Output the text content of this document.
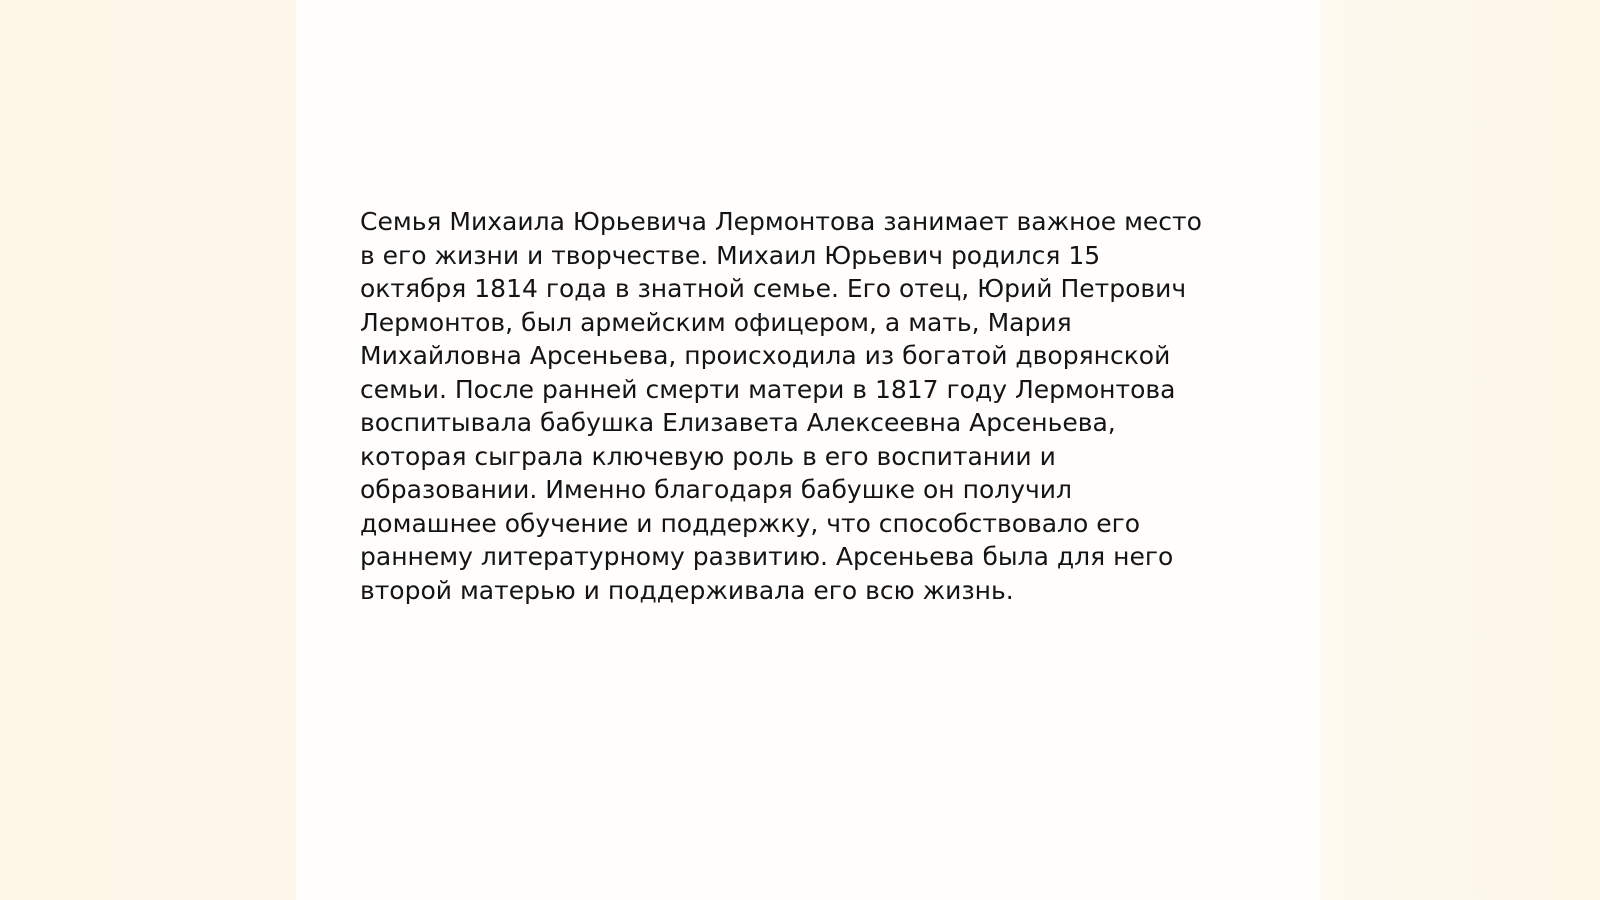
Семья Михаила Юрьевича Лермонтова занимает важное место
в его жизни и творчестве. Михаил Юрьевич родился 15
октября 1814 года в знатной семье. Его отец, Юрий Петрович
Лермонтов, был армейским офицером, а мать, Мария
Михайловна Арсеньева, происходила из богатой дворянской
семьи. После ранней смерти матери в 1817 году Лермонтова
воспитывала бабушка Елизавета Алексеевна Арсеньева,
которая сыграла ключевую роль в его воспитании и
образовании. Именно благодаря бабушке он получил
домашнее обучение и поддержку, что способствовало его
раннему литературному развитию. Арсеньева была для него
второй матерью и поддерживала его всю жизнь.
